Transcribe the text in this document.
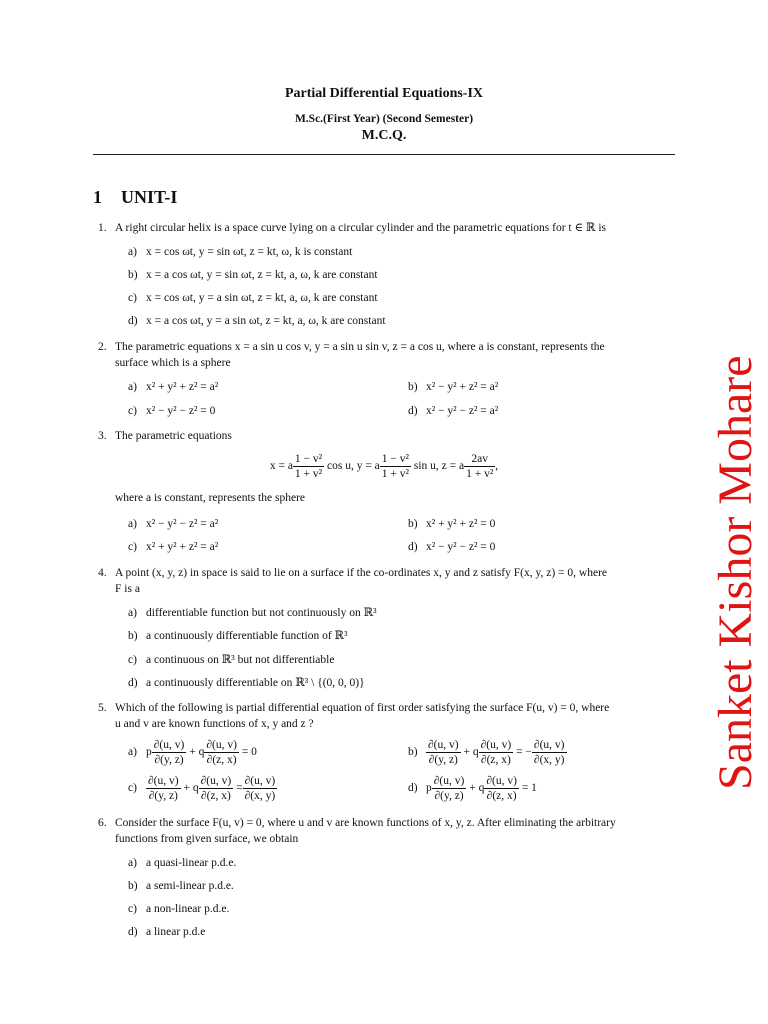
Partial Differential Equations-IX
M.Sc.(First Year) (Second Semester)
M.C.Q.
1 UNIT-I
1. A right circular helix is a space curve lying on a circular cylinder and the parametric equations for t ∈ ℝ is
a) x = cos ωt, y = sin ωt, z = kt, ω, k is constant
b) x = a cos ωt, y = sin ωt, z = kt, a, ω, k are constant
c) x = cos ωt, y = a sin ωt, z = kt, a, ω, k are constant
d) x = a cos ωt, y = a sin ωt, z = kt, a, ω, k are constant
2. The parametric equations x = a sin u cos v, y = a sin u sin v, z = a cos u, where a is constant, represents the
surface which is a sphere
a) x² + y² + z² = a²	b) x² − y² + z² = a²
c) x² − y² − z² = 0	d) x² − y² − z² = a²
3. The parametric equations
x = a $\frac{\text{1 − v²}}{\text{1 + v²}}$ cos u, y = a $\frac{\text{1 − v²}}{\text{1 + v²}}$ sin u, z = a $\frac{2av}{\text{1 + v²}}$ ,
where a is constant, represents the sphere
a) x² − y² − z² = a²	b) x² + y² + z² = 0
c) x² + y² + z² = a²	d) x² − y² − z² = 0
4. A point (x, y, z) in space is said to lie on a surface if the co-ordinates x, y and z satisfy F(x, y, z) = 0, where
F is a
a) differentiable function but not continuously on ℝ³
b) a continuously differentiable function of ℝ³
c) a continuous on ℝ³ but not differentiable
d) a continuously differentiable on ℝ³ \ {(0, 0, 0)}
5. Which of the following is partial differential equation of first order satisfying the surface F(u, v) = 0, where
u and v are known functions of x, y and z ?
a) p $\frac{\partial(u, v)}{\partial(y, z)} + q \frac{\partial(u, v)}{\partial(z, x)} = 0$	$b) \frac{\partial(u, v)}{\partial(y, z)} + q \frac{\partial(u, v)}{\partial(z, x)}$ = − $\frac{\partial(u, v)}{\partial(x, y)}$
$c) \frac{\partial(u, v)}{\partial(y, z)} + q \frac{\partial(u, v)}{\partial(z, x)} = \frac{\partial(u, v)}{\partial(x, y)}$	d) p $\frac{\partial(u, v)}{\partial(y, z)} + q \frac{\partial(u, v)}{\partial(z, x)} = 1$
6. Consider the surface F(u, v) = 0, where u and v are known functions of x, y, z. After eliminating the arbitrary
functions from given surface, we obtain
a) a quasi-linear p.d.e.
b) a semi-linear p.d.e.
c) a non-linear p.d.e.
d) a linear p.d.e
Sanket Kishor Mohare
